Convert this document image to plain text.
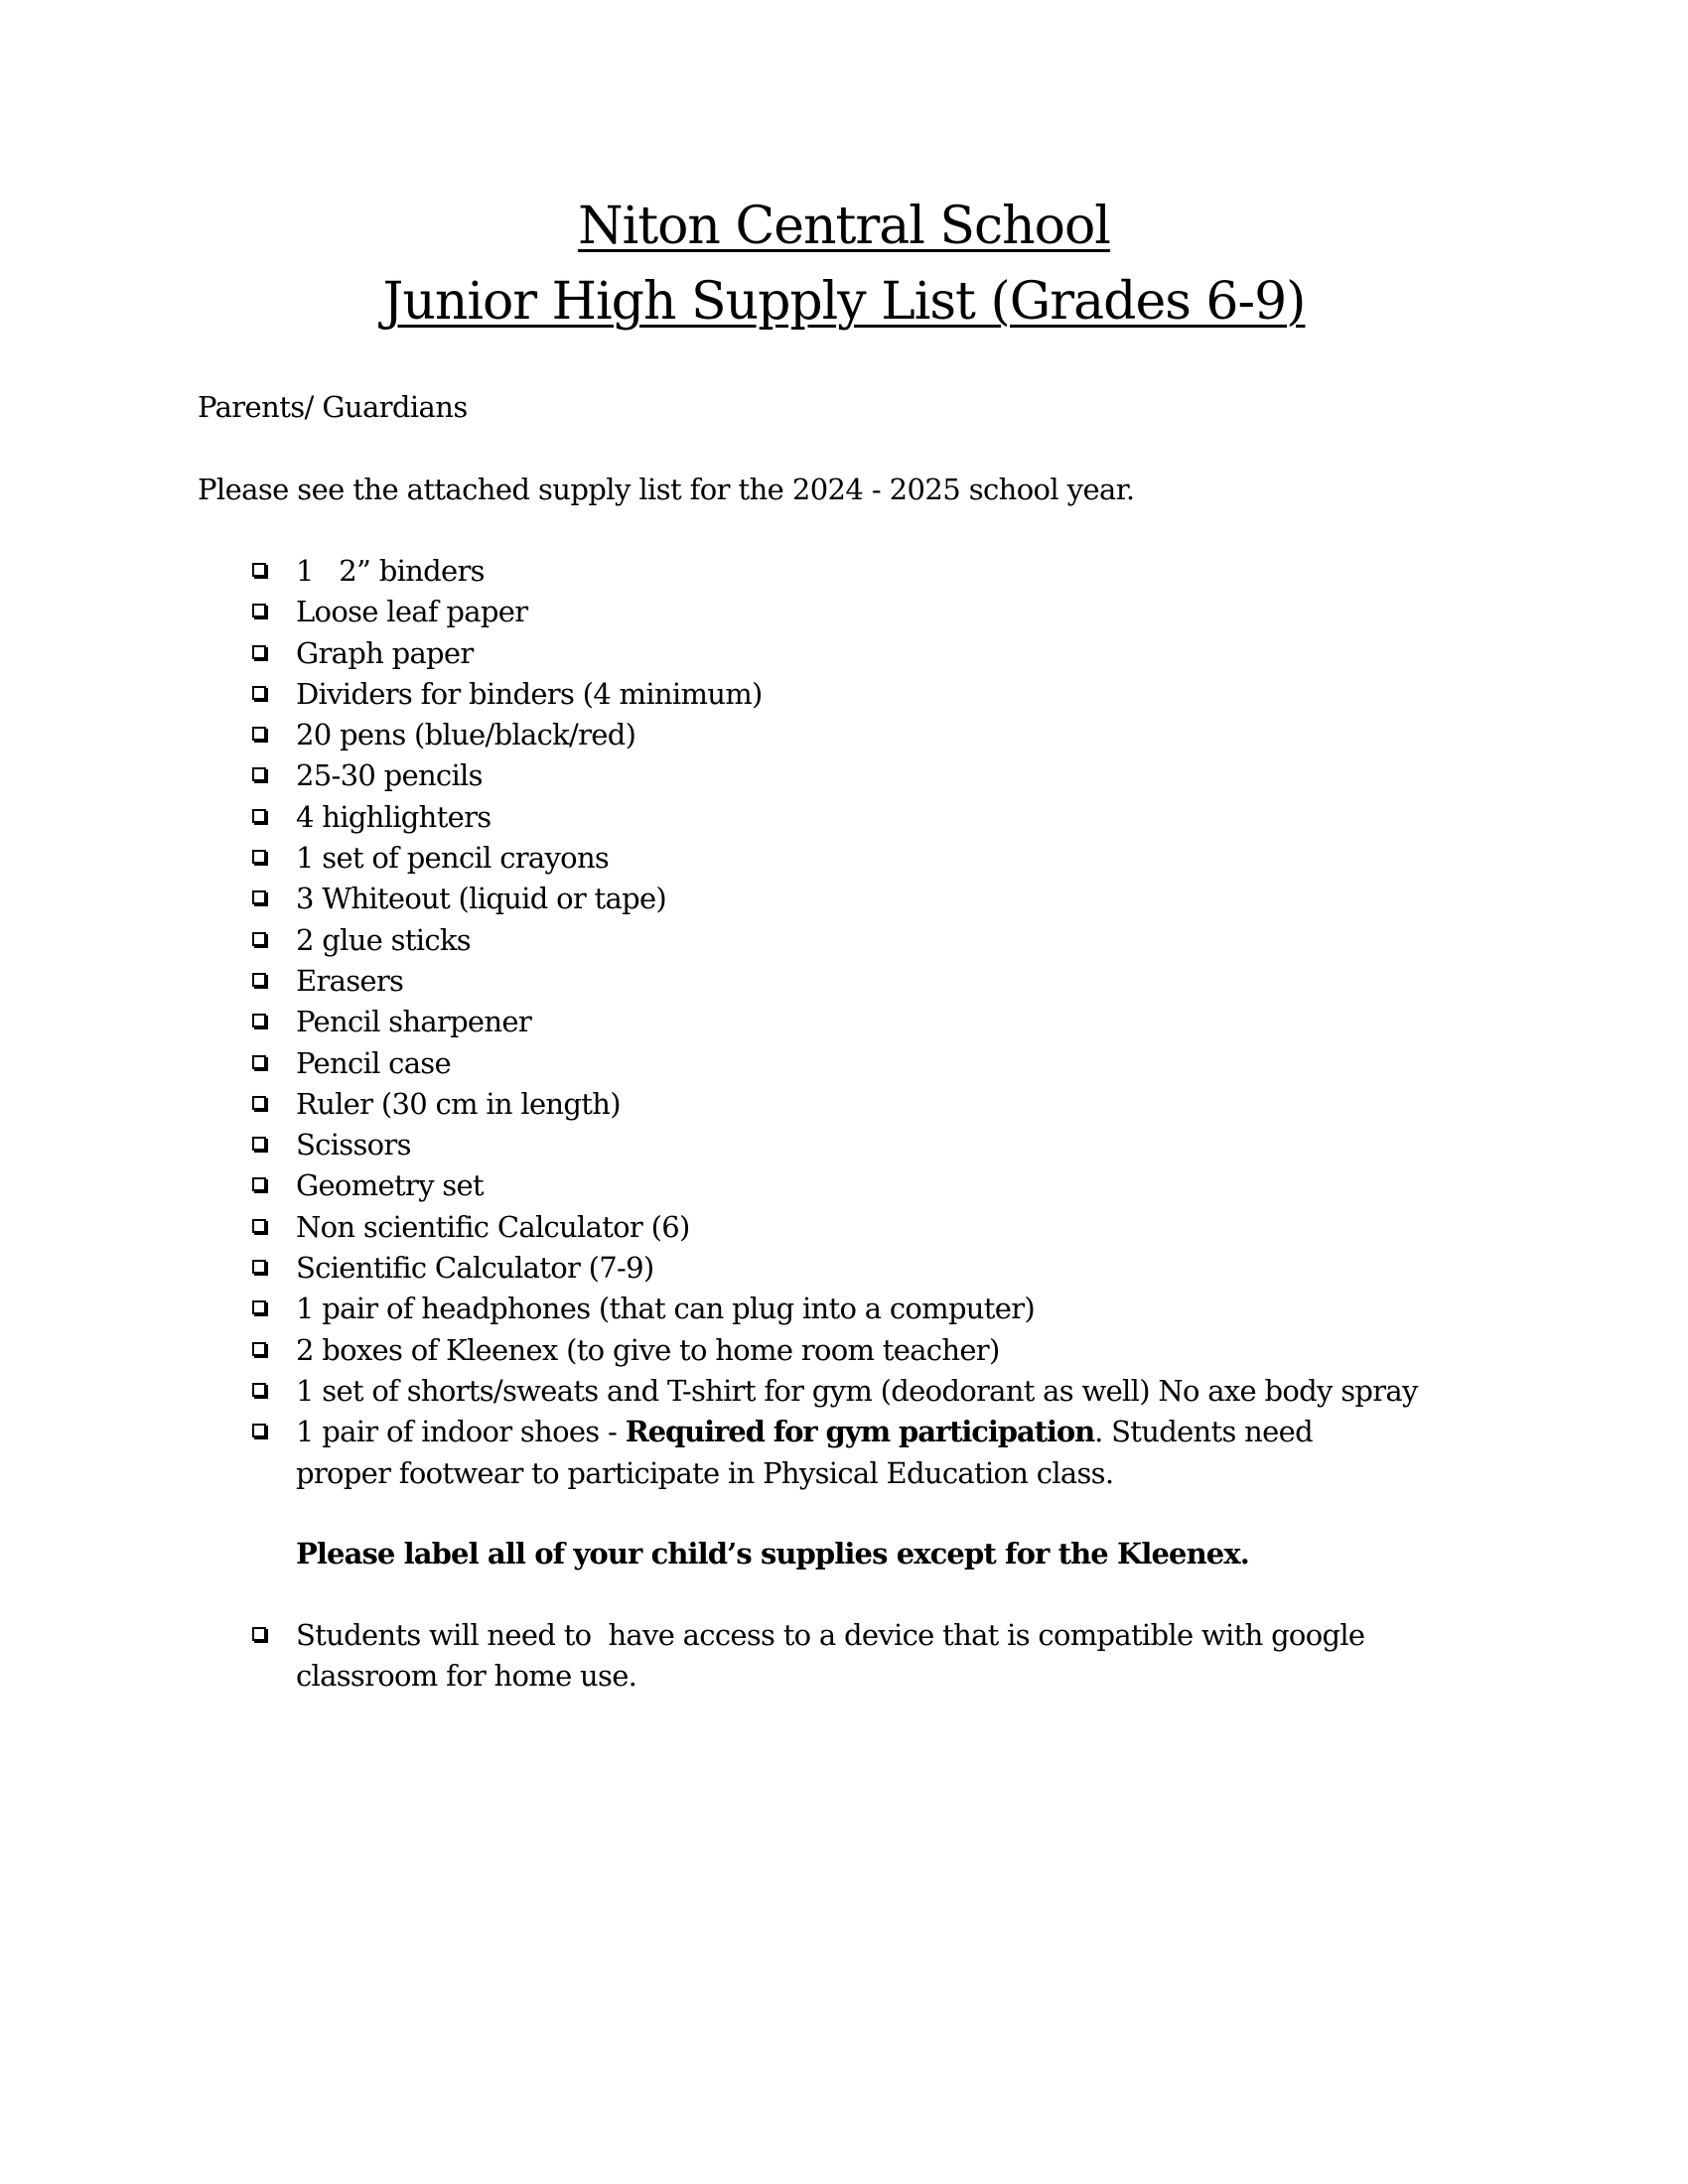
Niton Central School
Junior High Supply List (Grades 6-9)
Parents/ Guardians
Please see the attached supply list for the 2024 - 2025 school year.
1   2” binders
Loose leaf paper
Graph paper
Dividers for binders (4 minimum)
20 pens (blue/black/red)
25-30 pencils
4 highlighters
1 set of pencil crayons
3 Whiteout (liquid or tape)
2 glue sticks
Erasers
Pencil sharpener
Pencil case
Ruler (30 cm in length)
Scissors
Geometry set
Non scientific Calculator (6)
Scientific Calculator (7-9)
1 pair of headphones (that can plug into a computer)
2 boxes of Kleenex (to give to home room teacher)
1 set of shorts/sweats and T-shirt for gym (deodorant as well) No axe body spray
1 pair of indoor shoes - Required for gym participation. Students need proper footwear to participate in Physical Education class.
Please label all of your child’s supplies except for the Kleenex.
Students will need to  have access to a device that is compatible with google classroom for home use.
